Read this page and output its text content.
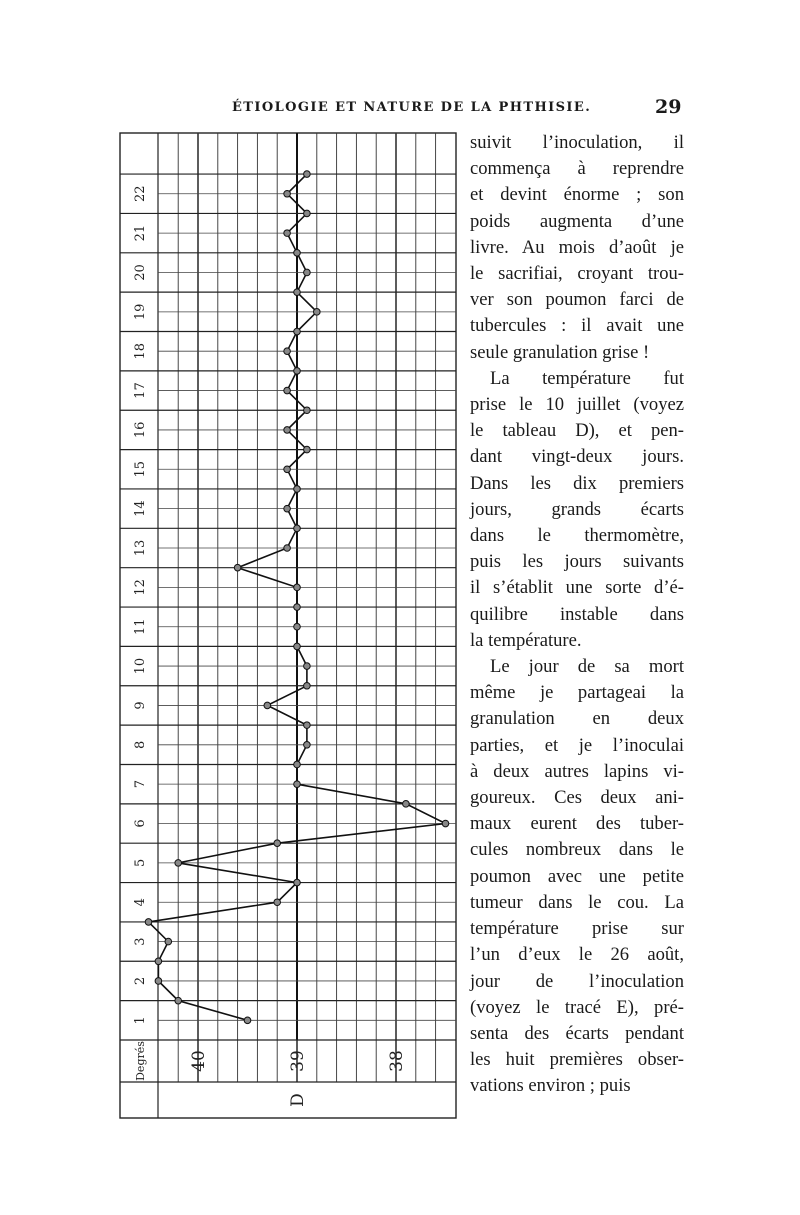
ÉTIOLOGIE ET NATURE DE LA PHTHISIE.	29
1
2
3
4
5
6
7
8
9
10
11
12
13
14
15
16
17
18
19
20
21
22
Degrés 40	39	38
D
suivit l’inoculation, il
commença à reprendre
et devint énorme ; son
poids augmenta d’une
livre. Au mois d’août je
le sacrifiai, croyant trou-
ver son poumon farci de
tubercules : il avait une
seule granulation grise !
La température fut
prise le 10 juillet (voyez
le tableau D), et pen-
dant vingt-deux jours.
Dans les dix premiers
jours, grands écarts
dans le thermomètre,
puis les jours suivants
il s’établit une sorte d’é-
quilibre instable dans
la température.
Le jour de sa mort
même je partageai la
granulation en deux
parties, et je l’inoculai
à deux autres lapins vi-
goureux. Ces deux ani-
maux eurent des tuber-
cules nombreux dans le
poumon avec une petite
tumeur dans le cou. La
température prise sur
l’un d’eux le 26 août,
jour de l’inoculation
(voyez le tracé E), pré-
senta des écarts pendant
les huit premières obser-
vations environ ; puis
